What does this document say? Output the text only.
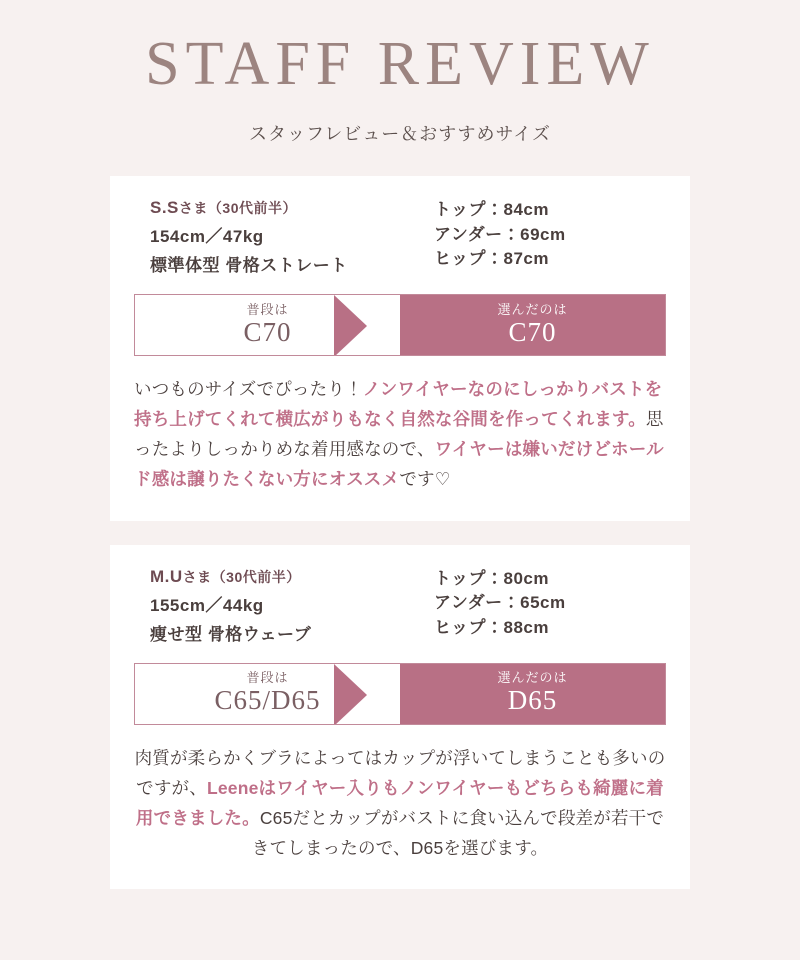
STAFF REVIEW
スタッフレビュー＆おすすめサイズ
S.Sさま（30代前半）
154cm／47kg
標準体型 骨格ストレート
トップ：84cm
アンダー：69cm
ヒップ：87cm
普段は
C70
選んだのは
C70
いつものサイズでぴったり！ノンワイヤーなのにしっかりバストを持ち上げてくれて横広がりもなく自然な谷間を作ってくれます。思ったよりしっかりめな着用感なので、ワイヤーは嫌いだけどホールド感は譲りたくない方にオススメです♡
M.Uさま（30代前半）
155cm／44kg
痩せ型 骨格ウェーブ
トップ：80cm
アンダー：65cm
ヒップ：88cm
普段は
C65/D65
選んだのは
D65
肉質が柔らかくブラによってはカップが浮いてしまうことも多いのですが、Leeneはワイヤー入りもノンワイヤーもどちらも綺麗に着用できました。C65だとカップがバストに食い込んで段差が若干できてしまったので、D65を選びます。
